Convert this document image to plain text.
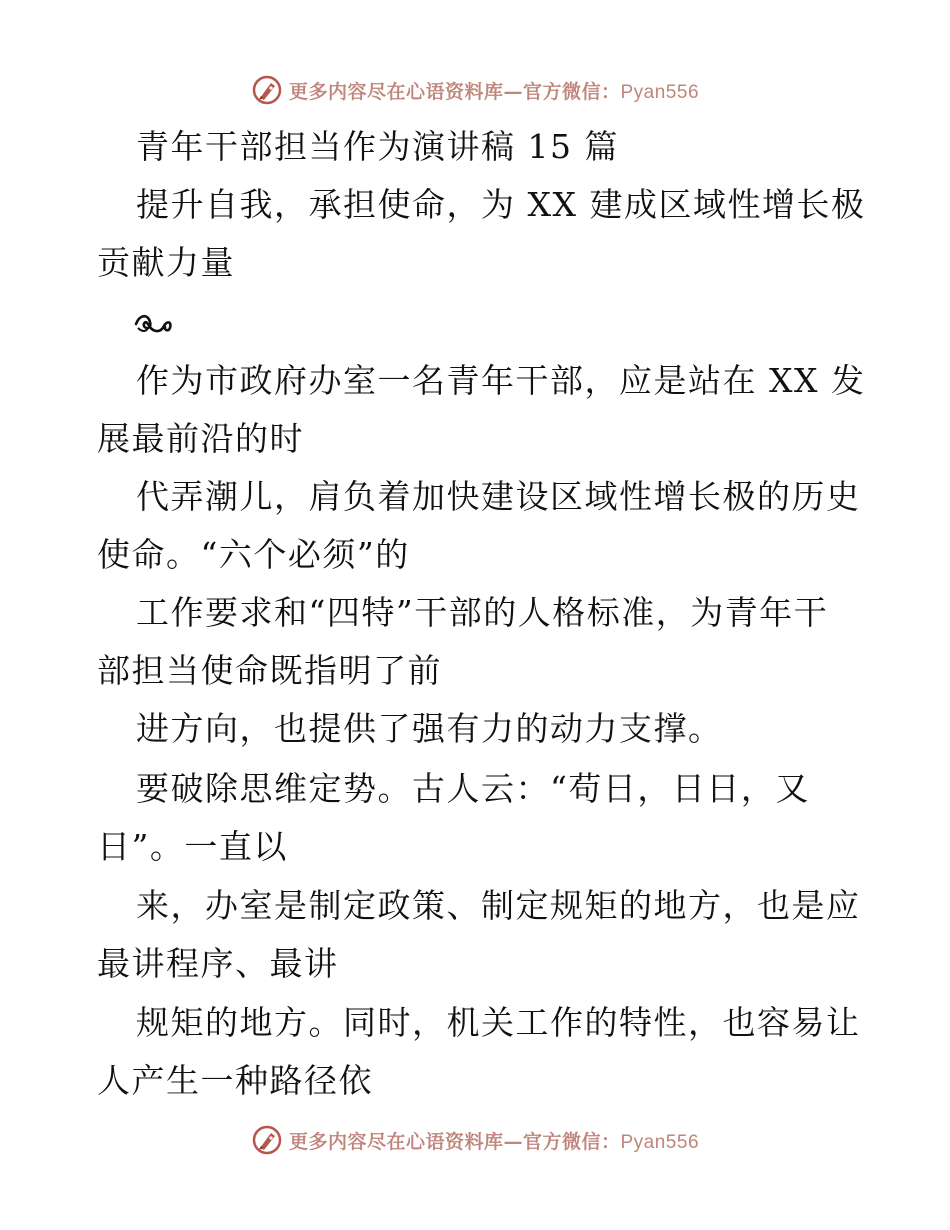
更多内容尽在心语资料库—官方微信：Pyan556
青年干部担当作为演讲稿 15 篇
提升自我，承担使命，为 XX 建成区域性增长极
贡献力量
作为市政府办室一名青年干部，应是站在 XX 发
展最前沿的时
代弄潮儿，肩负着加快建设区域性增长极的历史
使命。“六个必须”的
工作要求和“四特”干部的人格标准，为青年干
部担当使命既指明了前
进方向，也提供了强有力的动力支撑。
要破除思维定势。古人云：“苟日，日日，又
日”。一直以
来，办室是制定政策、制定规矩的地方，也是应
最讲程序、最讲
规矩的地方。同时，机关工作的特性，也容易让
人产生一种路径依
更多内容尽在心语资料库—官方微信：Pyan556
